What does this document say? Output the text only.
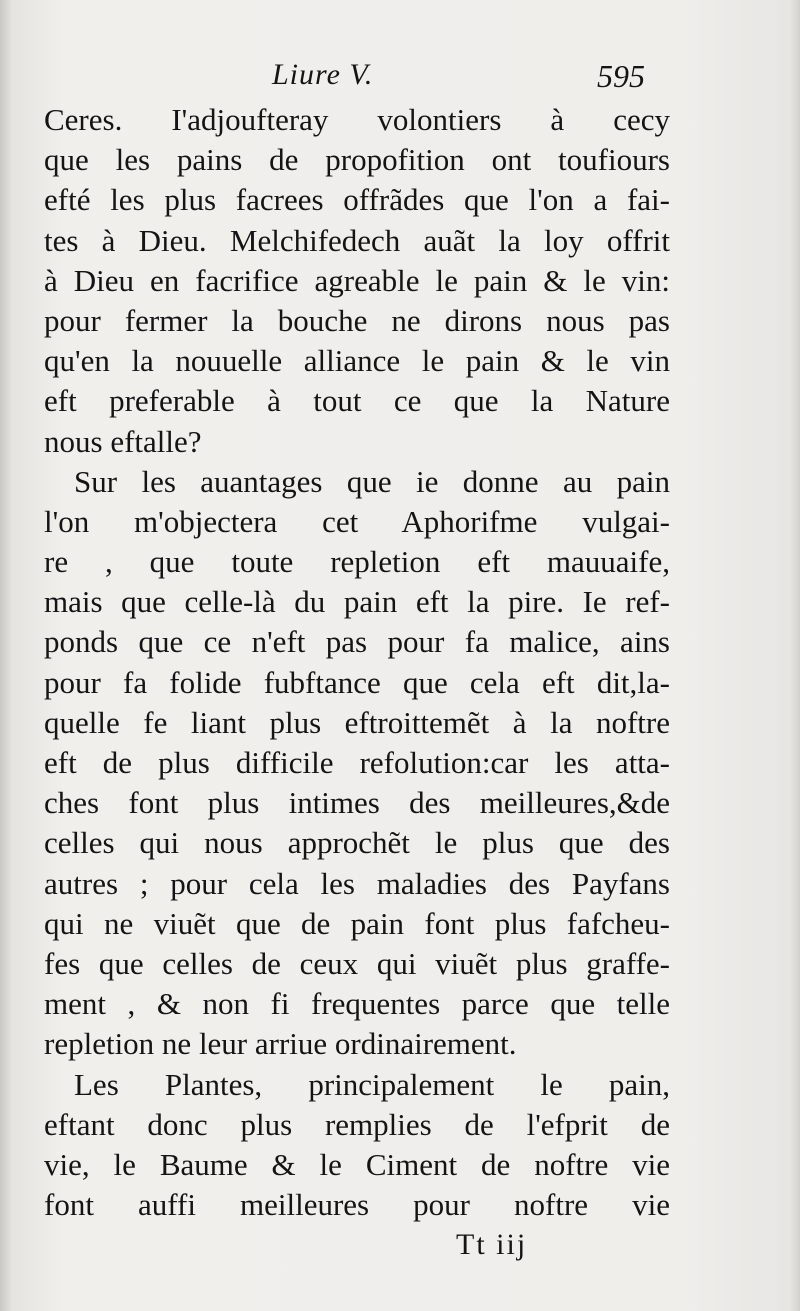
Liure V.	595
Ceres. I'adjoufteray volontiers à cecy
que les pains de propofition ont toufiours
efté les plus facrees offrãdes que l'on a fai-
tes à Dieu. Melchifedech auãt la loy offrit
à Dieu en facrifice agreable le pain & le vin:
pour fermer la bouche ne dirons nous pas
qu'en la nouuelle alliance le pain & le vin
eft preferable à tout ce que la Nature
nous eftalle?
Sur les auantages que ie donne au pain
l'on m'objectera cet Aphorifme vulgai-
re , que toute repletion eft mauuaife,
mais que celle-là du pain eft la pire. Ie ref-
ponds que ce n'eft pas pour fa malice, ains
pour fa folide fubftance que cela eft dit,la-
quelle fe liant plus eftroittemẽt à la noftre
eft de plus difficile refolution:car les atta-
ches font plus intimes des meilleures,&de
celles qui nous approchẽt le plus que des
autres ; pour cela les maladies des Payfans
qui ne viuẽt que de pain font plus fafcheu-
fes que celles de ceux qui viuẽt plus graffe-
ment , & non fi frequentes parce que telle
repletion ne leur arriue ordinairement.
Les Plantes, principalement le pain,
eftant donc plus remplies de l'efprit de
vie, le Baume & le Ciment de noftre vie
font auffi meilleures pour noftre vie
Tt iij
